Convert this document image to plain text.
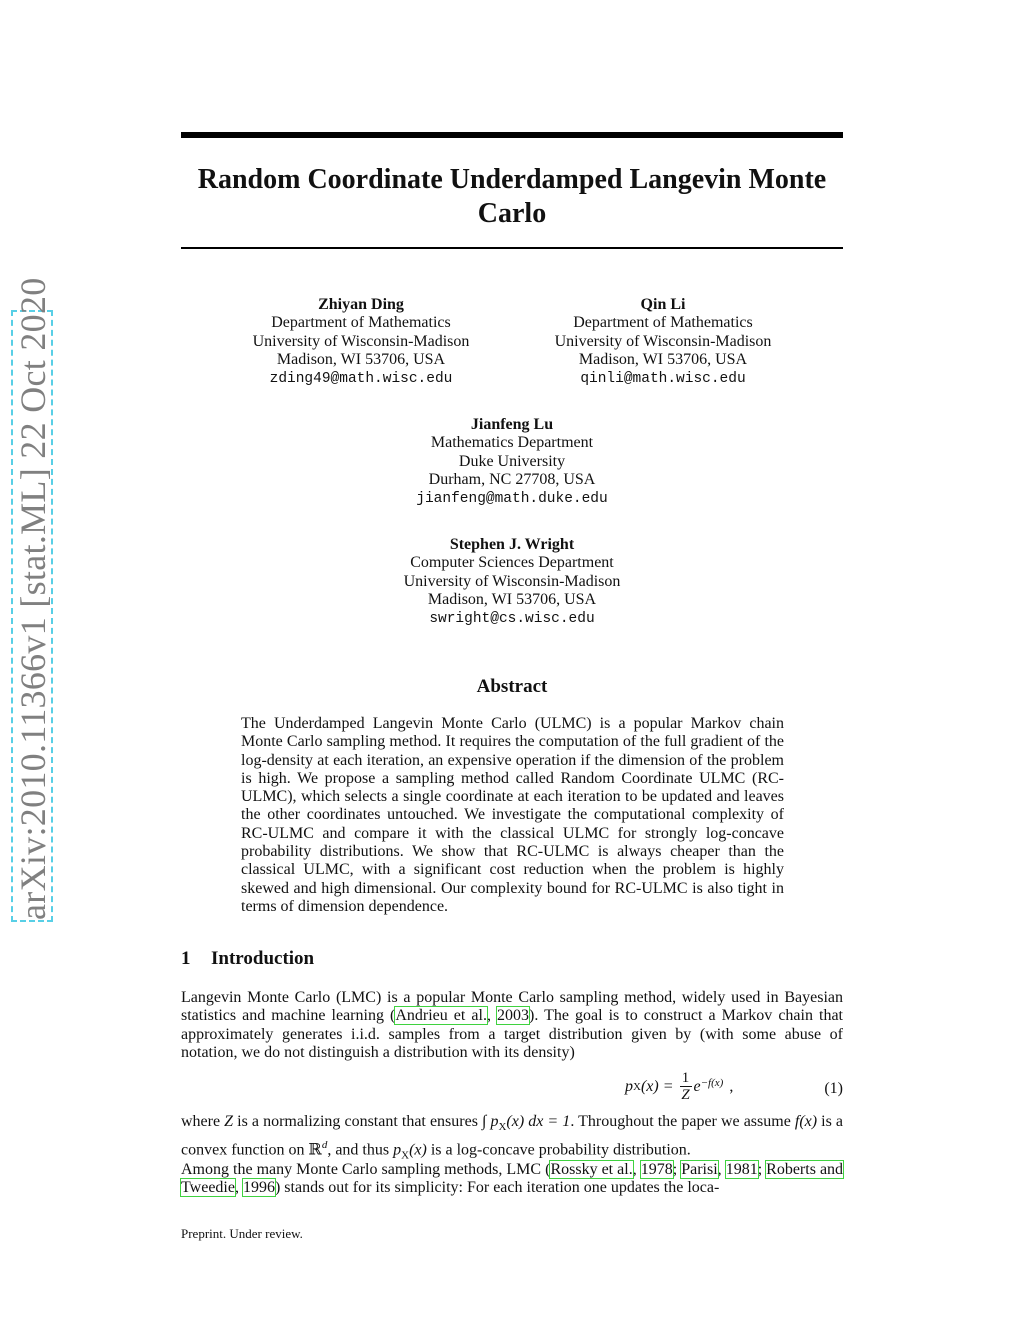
arXiv:2010.11366v1 [stat.ML] 22 Oct 2020
Random Coordinate Underdamped Langevin Monte
Carlo
Zhiyan Ding
Department of Mathematics
University of Wisconsin-Madison
Madison, WI 53706, USA
zding49@math.wisc.edu
Qin Li
Department of Mathematics
University of Wisconsin-Madison
Madison, WI 53706, USA
qinli@math.wisc.edu
Jianfeng Lu
Mathematics Department
Duke University
Durham, NC 27708, USA
jianfeng@math.duke.edu
Stephen J. Wright
Computer Sciences Department
University of Wisconsin-Madison
Madison, WI 53706, USA
swright@cs.wisc.edu
Abstract
The Underdamped Langevin Monte Carlo (ULMC) is a popular Markov chain Monte Carlo sampling method. It requires the computation of the full gradient of the log-density at each iteration, an expensive operation if the dimension of the problem is high. We propose a sampling method called Random Coordinate ULMC (RC-ULMC), which selects a single coordinate at each iteration to be updated and leaves the other coordinates untouched. We investigate the computational complexity of RC-ULMC and compare it with the classical ULMC for strongly log-concave probability distributions. We show that RC-ULMC is always cheaper than the classical ULMC, with a significant cost reduction when the problem is highly skewed and high dimensional. Our complexity bound for RC-ULMC is also tight in terms of dimension dependence.
1 Introduction
Langevin Monte Carlo (LMC) is a popular Monte Carlo sampling method, widely used in Bayesian statistics and machine learning (Andrieu et al., 2003). The goal is to construct a Markov chain that approximately generates i.i.d. samples from a target distribution given by (with some abuse of notation, we do not distinguish a distribution with its density)
p X $(x) = \frac{1}{Z} e^{-f(x)}$ ,	(1)
where Z is a normalizing constant that ensures ∫ $p_X(x)$ dx = 1. Throughout the paper we assume f(x) is a convex function on ℝ$^d$, and thus $p_X(x)$ is a log-concave probability distribution.
Among the many Monte Carlo sampling methods, LMC (Rossky et al., 1978; Parisi, 1981; Roberts and Tweedie, 1996) stands out for its simplicity: For each iteration one updates the loca-
Preprint. Under review.
